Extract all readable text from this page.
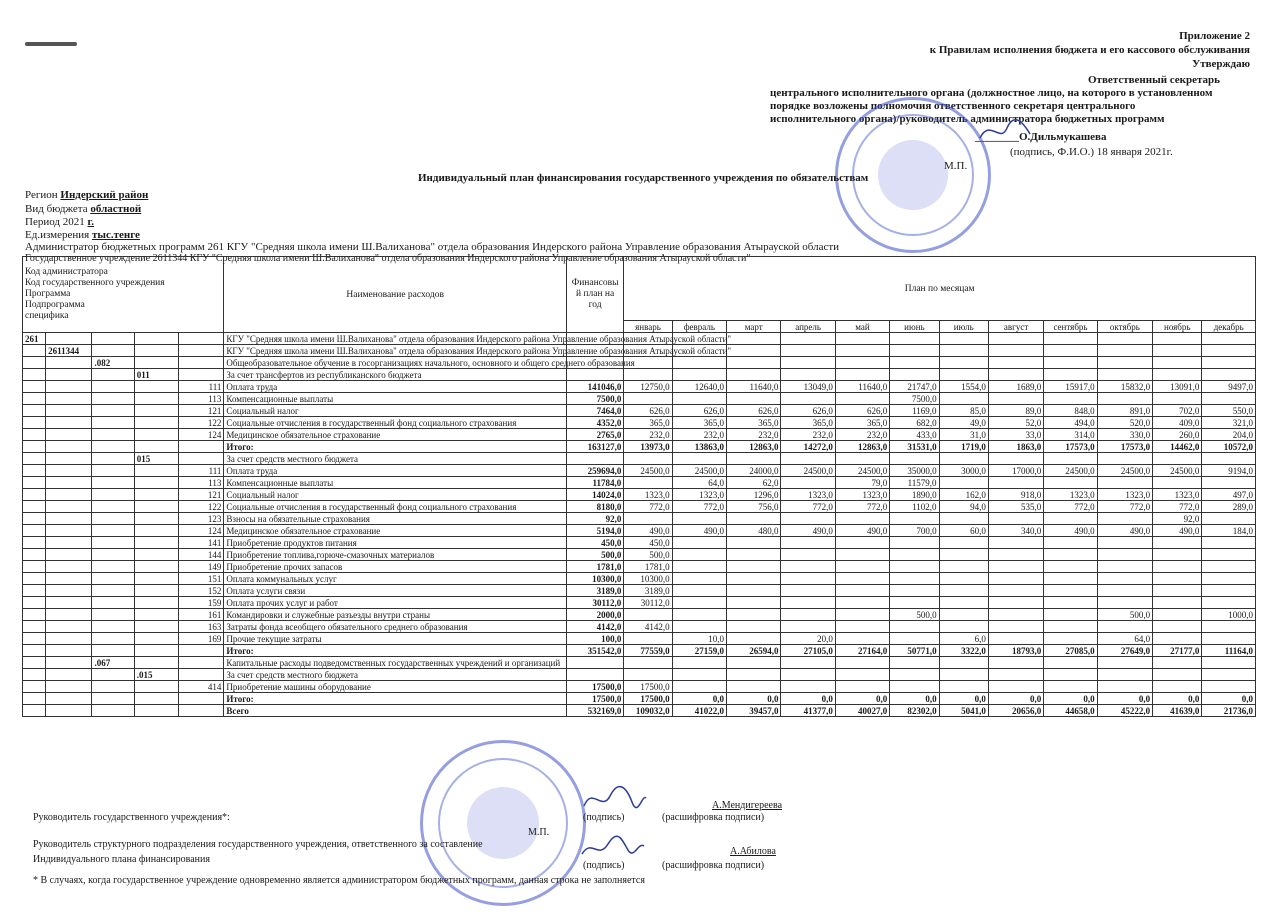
Приложение 2
к Правилам исполнения бюджета и его кассового обслуживания
Утверждаю
Ответственный секретарь
центрального исполнительного органа (должностное лицо, на которого в установленном
порядке возложены полномочия ответственного секретаря центрального
исполнительного органа)/руководитель администратора бюджетных программ
________О.Дильмукашева
(подпись, Ф.И.О.) 18 января 2021г.
М.П.
Индивидуальный план финансирования государственного учреждения по обязательствам
Регион Индерский район
Вид бюджета областной
Период 2021 г.
Ед.измерения тыс.тенге
Администратор бюджетных программ 261 КГУ "Средняя школа имени Ш.Валиханова" отдела образования Индерского района Управление образования Атырауской области
Государственное учреждение 2611344 КГУ "Средняя школа имени Ш.Валиханова" отдела образования Индерского района Управление образования Атырауской области"
Код администратора
Код государственного учреждения
Программа
Подпрограмма
специфика					Наименование расходов	Финансовы й план на год	План по месяцам											
							январь	февраль	март	апрель	май	июнь	июль	август	сентябрь	октябрь	ноябрь	декабрь
261					КГУ "Средняя школа имени Ш.Валиханова" отдела образования Индерского района Управление образования Атырауской области"													
	2611344				КГУ "Средняя школа имени Ш.Валиханова" отдела образования Индерского района Управление образования Атырауской области"													
		.082			Общеобразовательное обучение в госорганизациях начального, основного и общего среднего образования													
			011		За счет трансфертов из республиканского бюджета													
				111	Оплата труда	141046,0	12750,0	12640,0	11640,0	13049,0	11640,0	21747,0	1554,0	1689,0	15917,0	15832,0	13091,0	9497,0
				113	Компенсационные выплаты	7500,0						7500,0						
				121	Социальный налог	7464,0	626,0	626,0	626,0	626,0	626,0	1169,0	85,0	89,0	848,0	891,0	702,0	550,0
				122	Социальные отчисления в государственный фонд социального страхования	4352,0	365,0	365,0	365,0	365,0	365,0	682,0	49,0	52,0	494,0	520,0	409,0	321,0
				124	Медицинское обязательное страхование	2765,0	232,0	232,0	232,0	232,0	232,0	433,0	31,0	33,0	314,0	330,0	260,0	204,0
					Итого:	163127,0	13973,0	13863,0	12863,0	14272,0	12863,0	31531,0	1719,0	1863,0	17573,0	17573,0	14462,0	10572,0
			015		За счет средств местного бюджета													
				111	Оплата труда	259694,0	24500,0	24500,0	24000,0	24500,0	24500,0	35000,0	3000,0	17000,0	24500,0	24500,0	24500,0	9194,0
				113	Компенсационные выплаты	11784,0		64,0	62,0		79,0	11579,0						
				121	Социальный налог	14024,0	1323,0	1323,0	1296,0	1323,0	1323,0	1890,0	162,0	918,0	1323,0	1323,0	1323,0	497,0
				122	Социальные отчисления в государственный фонд социального страхования	8180,0	772,0	772,0	756,0	772,0	772,0	1102,0	94,0	535,0	772,0	772,0	772,0	289,0
				123	Взносы на обязательные страхования	92,0											92,0	
				124	Медицинское обязательное страхование	5194,0	490,0	490,0	480,0	490,0	490,0	700,0	60,0	340,0	490,0	490,0	490,0	184,0
				141	Приобретение продуктов питания	450,0	450,0											
				144	Приобретение топлива,горюче-смазочных материалов	500,0	500,0											
				149	Приобретение прочих запасов	1781,0	1781,0											
				151	Оплата коммунальных услуг	10300,0	10300,0											
				152	Оплата услуги связи	3189,0	3189,0											
				159	Оплата прочих услуг и работ	30112,0	30112,0											
				161	Командировки и служебные разъезды внутри страны	2000,0						500,0				500,0		1000,0
				163	Затраты фонда всеобщего обязательного среднего образования	4142,0	4142,0											
				169	Прочие текущие затраты	100,0		10,0		20,0			6,0			64,0		
					Итого:	351542,0	77559,0	27159,0	26594,0	27105,0	27164,0	50771,0	3322,0	18793,0	27085,0	27649,0	27177,0	11164,0
		.067			Капитальные расходы подведомственных государственных учреждений и организаций													
			.015		За счет средств местного бюджета													
				414	Приобретение машины оборудование	17500,0	17500,0											
					Итого:	17500,0	17500,0	0,0	0,0	0,0	0,0	0,0	0,0	0,0	0,0	0,0	0,0	0,0
					Всего	532169,0	109032,0	41022,0	39457,0	41377,0	40027,0	82302,0	5041,0	20656,0	44658,0	45222,0	41639,0	21736,0
Руководитель государственного учреждения*:
А.Мендигереева
(подпись)	(расшифровка подписи)
М.П.
Руководитель структурного подразделения государственного учреждения, ответственного за составление
Индивидуального плана финансирования
А.Абилова
(подпись)	(расшифровка подписи)
* В случаях, когда государственное учреждение одновременно является администратором бюджетных программ, данная строка не заполняется
